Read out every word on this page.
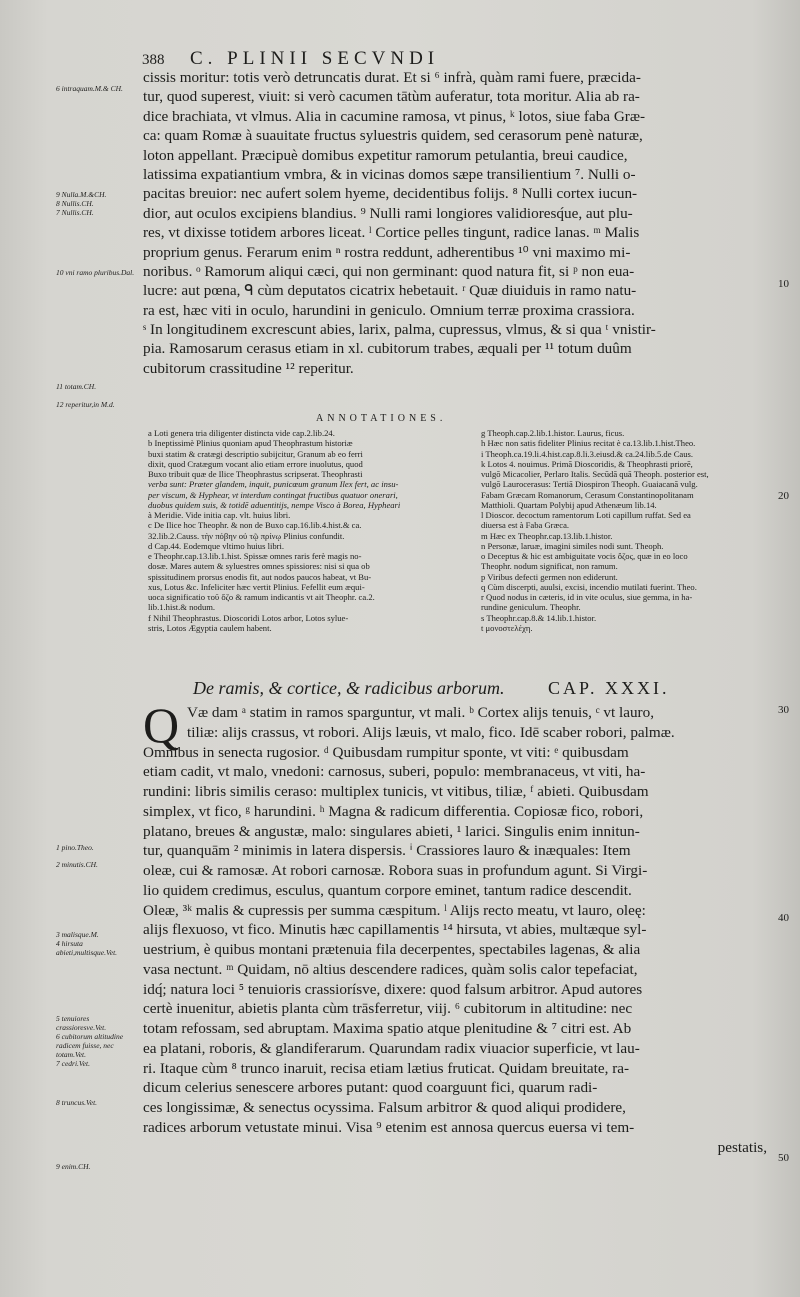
388 C. PLINII SECVNDI
6 intraquam.M.& CH.
9 Nulla.M.&CH.
8 Nullis.CH.
7 Nullis.CH.
10 vni ramo pluribus.Dal.
11 totam.CH.
12 reperitur,in M.d.
1 pino.Theo.
2 minutis.CH.
3 malisque.M.
4 hirsuta abieti,multisque.Vet.
5 tenuiores crassioresve.Vet.
6 cubitorum altitudine radicem fuisse, nec totam.Vet.
7 cedri.Vet.
8 truncus.Vet.
9 enim.CH.
10
20
30
40
50
cissis moritur: totis verò detruncatis durat. Et si ⁶ infrà, quàm rami fuere, præcida-
tur, quod superest, viuit: si verò cacumen tātùm auferatur, tota moritur. Alia ab ra-
dice brachiata, vt vlmus. Alia in cacumine ramosa, vt pinus, ᵏ lotos, siue faba Græ-
ca: quam Romæ à suauitate fructus syluestris quidem, sed cerasorum penè naturæ,
loton appellant. Præcipuè domibus expetitur ramorum petulantia, breui caudice,
latissima expatiantium vmbra, & in vicinas domos sæpe transilientium ⁷. Nulli o-
pacitas breuior: nec aufert solem hyeme, decidentibus folijs. ⁸ Nulli cortex iucun-
dior, aut oculos excipiens blandius. ⁹ Nulli rami longiores validioresq́ue, aut plu-
res, vt dixisse totidem arbores liceat. ˡ Cortice pelles tingunt, radice lanas. ᵐ Malis
proprium genus. Ferarum enim ⁿ rostra reddunt, adherentibus ¹⁰ vni maximo mi-
noribus. ᵒ Ramorum aliqui cæci, qui non germinant: quod natura fit, si ᵖ non eua-
lucre: aut pœna, ᑫ cùm deputatos cicatrix hebetauit. ʳ Quæ diuiduis in ramo natu-
ra est, hæc viti in oculo, harundini in geniculo. Omnium terræ proxima crassiora.
ˢ In longitudinem excrescunt abies, larix, palma, cupressus, vlmus, & si qua ᵗ vnistir-
pia. Ramosarum cerasus etiam in xl. cubitorum trabes, æquali per ¹¹ totum duûm
cubitorum crassitudine ¹² reperitur.
ANNOTATIONES.
a Loti genera tria diligenter distincta vide cap.2.lib.24.
b Ineptissimè Plinius quoniam apud Theophrastum historiæ
buxi statim & cratægi descriptio subijcitur, Granum ab eo ferri
dixit, quod Cratægum vocant alio etiam errore inuolutus, quod
Buxo tribuit quæ de Ilice Theophrastus scripserat. Theophrasti
verba sunt: Præter glandem, inquit, punicœum granum Ilex fert, ac insu-
per viscum, & Hyphear, vt interdum contingat fructibus quatuor onerari,
duobus quidem suis, & totidē aduentitijs, nempe Visco à Borea, Hypheari
à Meridie. Vide initia cap. vlt. huius libri.
c De Ilice hoc Theophr. & non de Buxo cap.16.lib.4.hist.& ca.
32.lib.2.Causs. τὴν πόβην οὐ τῷ πρίνῳ Plinius confundit.
d Cap.44. Eodemque vltimo huius libri.
e Theophr.cap.13.lib.1.hist. Spissæ omnes raris ferè magis no-
dosæ. Mares autem & syluestres omnes spissiores: nisi si qua ob
spissitudinem prorsus enodis fit, aut nodos paucos habeat, vt Bu-
xus, Lotus &c. Infeliciter hæc vertit Plinius. Fefellit eum æqui-
uoca significatio τοῦ ὄζο & ramum indicantis vt ait Theophr. ca.2.
lib.1.hist.& nodum.
f Nihil Theophrastus. Dioscoridi Lotos arbor, Lotos sylue-
stris, Lotos Ægyptia caulem habent.
g Theoph.cap.2.lib.1.histor. Laurus, ficus.
h Hæc non satis fideliter Plinius recitat è ca.13.lib.1.hist.Theo.
i Theoph.ca.19.li.4.hist.cap.8.li.3.eiusd.& ca.24.lib.5.de Caus.
k Lotos 4. nouimus. Primā Dioscoridis, & Theophrasti priorē,
vulgō Micacolier, Perlaro Italis. Secūdā quā Theoph. posterior est,
vulgō Laurocerasus: Tertiā Diospiron Theoph. Guaiacanā vulg.
Fabam Græcam Romanorum, Cerasum Constantinopolitanam
Matthioli. Quartam Polybij apud Athenæum lib.14.
l Dioscor. decoctum ramentorum Loti capillum ruffat. Sed ea
diuersa est à Faba Græca.
m Hæc ex Theophr.cap.13.lib.1.histor.
n Personæ, laruæ, imagini similes nodi sunt. Theoph.
o Deceptus & hic est ambiguitate vocis ὄζος, quæ in eo loco
Theophr. nodum significat, non ramum.
p Viribus defecti germen non ediderunt.
q Cùm discerpti, auulsi, excisi, incendio mutilati fuerint. Theo.
r Quod nodus in cæteris, id in vite oculus, siue gemma, in ha-
rundine geniculum. Theophr.
s Theophr.cap.8.& 14.lib.1.histor.
t μονοστελέχη.
De ramis, & cortice, & radicibus arborum. CAP. XXXI.
Q Væ dam ᵃ statim in ramos sparguntur, vt mali. ᵇ Cortex alijs tenuis, ᶜ vt lauro,
tiliæ: alijs crassus, vt robori. Alijs læuis, vt malo, fico. Idē scaber robori, palmæ.
Omnibus in senecta rugosior. ᵈ Quibusdam rumpitur sponte, vt viti: ᵉ quibusdam
etiam cadit, vt malo, vnedoni: carnosus, suberi, populo: membranaceus, vt viti, ha-
rundini: libris similis ceraso: multiplex tunicis, vt vitibus, tiliæ, ᶠ abieti. Quibusdam
simplex, vt fico, ᵍ harundini. ʰ Magna & radicum differentia. Copiosæ fico, robori,
platano, breues & angustæ, malo: singulares abieti, ¹ larici. Singulis enim innitun-
tur, quanquām ² minimis in latera dispersis. ⁱ Crassiores lauro & inæquales: Item
oleæ, cui & ramosæ. At robori carnosæ. Robora suas in profundum agunt. Si Virgi-
lio quidem credimus, esculus, quantum corpore eminet, tantum radice descendit.
Oleæ, ³ᵏ malis & cupressis per summa cæspitum. ˡ Alijs recto meatu, vt lauro, oleę:
alijs flexuoso, vt fico. Minutis hæc capillamentis ¹⁴ hirsuta, vt abies, multæque syl-
uestrium, è quibus montani prætenuia fila decerpentes, spectabiles lagenas, & alia
vasa nectunt. ᵐ Quidam, nō altius descendere radices, quàm solis calor tepefaciat,
idq́; natura loci ⁵ tenuioris crassiorísve, dixere: quod falsum arbitror. Apud autores
certè inuenitur, abietis planta cùm trāsferretur, viij. ⁶ cubitorum in altitudine: nec
totam refossam, sed abruptam. Maxima spatio atque plenitudine & ⁷ citri est. Ab
ea platani, roboris, & glandiferarum. Quarundam radix viuacior superficie, vt lau-
ri. Itaque cùm ⁸ trunco inaruit, recisa etiam lætius fruticat. Quidam breuitate, ra-
dicum celerius senescere arbores putant: quod coarguunt fici, quarum radi-
ces longissimæ, & senectus ocyssima. Falsum arbitror & quod aliqui prodidere,
radices arborum vetustate minui. Visa ⁹ etenim est annosa quercus euersa vi tem-
pestatis,
